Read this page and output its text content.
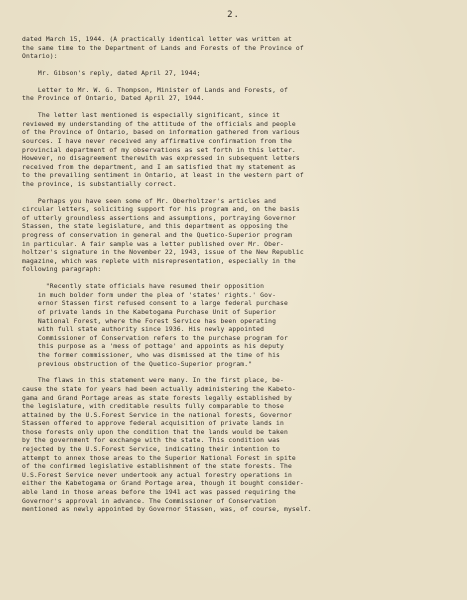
2.
dated March 15, 1944. (A practically identical letter was written at
the same time to the Department of Lands and Forests of the Province of
Ontario):
Mr. Gibson's reply, dated April 27, 1944;
Letter to Mr. W. G. Thompson, Minister of Lands and Forests, of
the Province of Ontario, Dated April 27, 1944.
The letter last mentioned is especially significant, since it
reviewed my understanding of the attitude of the officials and people
of the Province of Ontario, based on information gathered from various
sources. I have never received any affirmative confirmation from the
provincial department of my observations as set forth in this letter.
However, no disagreement therewith was expressed in subsequent letters
received from the department, and I am satisfied that my statement as
to the prevailing sentiment in Ontario, at least in the western part of
the province, is substantially correct.
Perhaps you have seen some of Mr. Oberholtzer's articles and
circular letters, soliciting support for his program and, on the basis
of utterly groundless assertions and assumptions, portraying Governor
Stassen, the state legislature, and this department as opposing the
progress of conservation in general and the Quetico-Superior program
in particular. A fair sample was a letter published over Mr. Ober-
holtzer's signature in the November 22, 1943, issue of the New Republic
magazine, which was replete with misrepresentation, especially in the
following paragraph:
"Recently state officials have resumed their opposition
in much bolder form under the plea of 'states' rights.' Gov-
ernor Stassen first refused consent to a large federal purchase
of private lands in the Kabetogama Purchase Unit of Superior
National Forest, where the Forest Service has been operating
with full state authority since 1936. His newly appointed
Commissioner of Conservation refers to the purchase program for
this purpose as a 'mess of pottage' and appoints as his deputy
the former commissioner, who was dismissed at the time of his
previous obstruction of the Quetico-Superior program."
The flaws in this statement were many. In the first place, be-
cause the state for years had been actually administering the Kabeto-
gama and Grand Portage areas as state forests legally established by
the legislature, with creditable results fully comparable to those
attained by the U.S.Forest Service in the national forests, Governor
Stassen offered to approve federal acquisition of private lands in
those forests only upon the condition that the lands would be taken
by the government for exchange with the state. This condition was
rejected by the U.S.Forest Service, indicating their intention to
attempt to annex those areas to the Superior National Forest in spite
of the confirmed legislative establishment of the state forests. The
U.S.Forest Service never undertook any actual forestry operations in
either the Kabetogama or Grand Portage area, though it bought consider-
able land in those areas before the 1941 act was passed requiring the
Governor's approval in advance. The Commissioner of Conservation
mentioned as newly appointed by Governor Stassen, was, of course, myself.
